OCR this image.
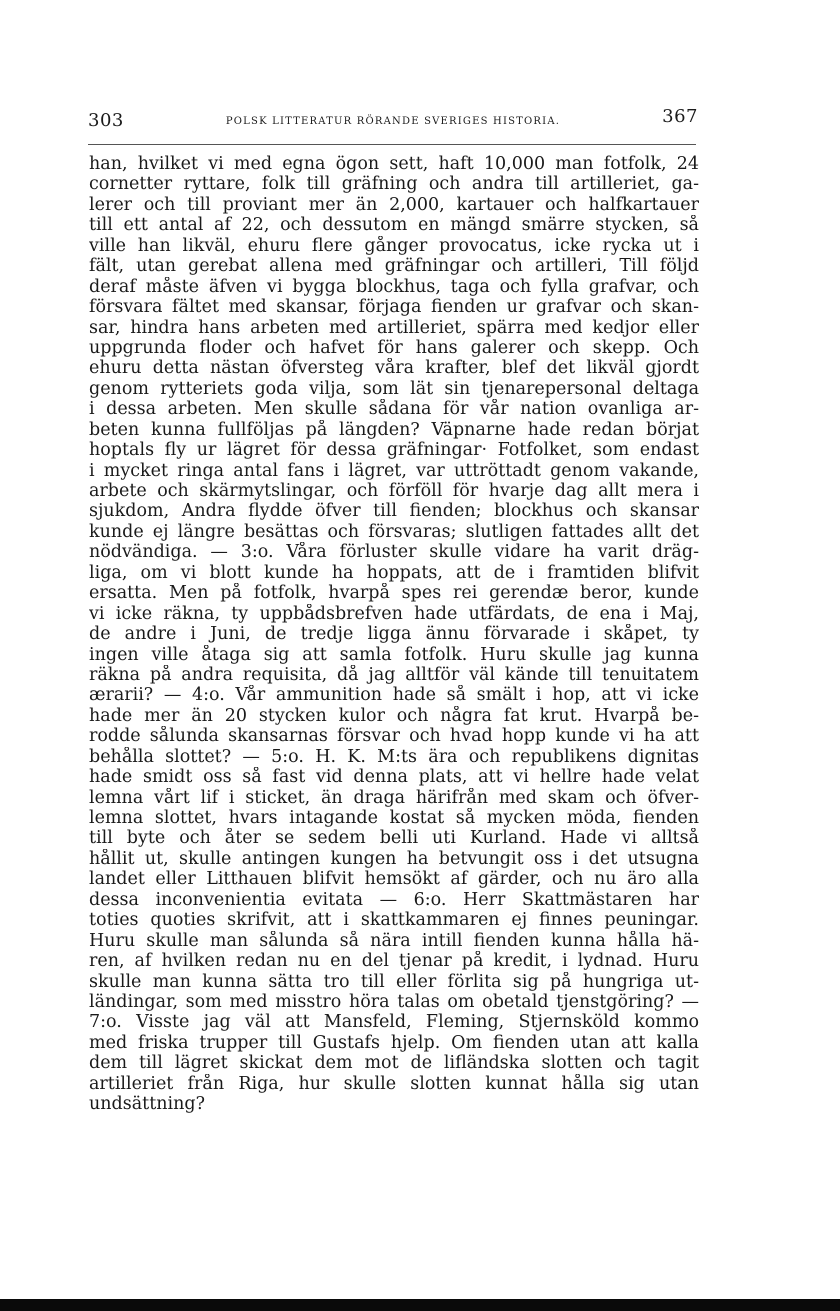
303	POLSK LITTERATUR RÖRANDE SVERIGES HISTORIA.	367
han, hvilket vi med egna ögon sett, haft 10,000 man fotfolk, 24
cornetter ryttare, folk till gräfning och andra till artilleriet, ga-
lerer och till proviant mer än 2,000, kartauer och halfkartauer
till ett antal af 22, och dessutom en mängd smärre stycken, så
ville han likväl, ehuru flere gånger provocatus, icke rycka ut i
fält, utan gerebat allena med gräfningar och artilleri, Till följd
deraf måste äfven vi bygga blockhus, taga och fylla grafvar, och
försvara fältet med skansar, förjaga fienden ur grafvar och skan-
sar, hindra hans arbeten med artilleriet, spärra med kedjor eller
uppgrunda floder och hafvet för hans galerer och skepp. Och
ehuru detta nästan öfversteg våra krafter, blef det likväl gjordt
genom rytteriets goda vilja, som lät sin tjenarepersonal deltaga
i dessa arbeten. Men skulle sådana för vår nation ovanliga ar-
beten kunna fullföljas på längden? Väpnarne hade redan börjat
hoptals fly ur lägret för dessa gräfningar· Fotfolket, som endast
i mycket ringa antal fans i lägret, var uttröttadt genom vakande,
arbete och skärmytslingar, och förföll för hvarje dag allt mera i
sjukdom, Andra flydde öfver till fienden; blockhus och skansar
kunde ej längre besättas och försvaras; slutligen fattades allt det
nödvändiga. — 3:o. Våra förluster skulle vidare ha varit dräg-
liga, om vi blott kunde ha hoppats, att de i framtiden blifvit
ersatta. Men på fotfolk, hvarpå spes rei gerendæ beror, kunde
vi icke räkna, ty uppbådsbrefven hade utfärdats, de ena i Maj,
de andre i Juni, de tredje ligga ännu förvarade i skåpet, ty
ingen ville åtaga sig att samla fotfolk. Huru skulle jag kunna
räkna på andra requisita, då jag alltför väl kände till tenuitatem
ærarii? — 4:o. Vår ammunition hade så smält i hop, att vi icke
hade mer än 20 stycken kulor och några fat krut. Hvarpå be-
rodde sålunda skansarnas försvar och hvad hopp kunde vi ha att
behålla slottet? — 5:o. H. K. M:ts ära och republikens dignitas
hade smidt oss så fast vid denna plats, att vi hellre hade velat
lemna vårt lif i sticket, än draga härifrån med skam och öfver-
lemna slottet, hvars intagande kostat så mycken möda, fienden
till byte och åter se sedem belli uti Kurland. Hade vi alltså
hållit ut, skulle antingen kungen ha betvungit oss i det utsugna
landet eller Litthauen blifvit hemsökt af gärder, och nu äro alla
dessa inconvenientia evitata — 6:o. Herr Skattmästaren har
toties quoties skrifvit, att i skattkammaren ej finnes peuningar.
Huru skulle man sålunda så nära intill fienden kunna hålla hä-
ren, af hvilken redan nu en del tjenar på kredit, i lydnad. Huru
skulle man kunna sätta tro till eller förlita sig på hungriga ut-
ländingar, som med misstro höra talas om obetald tjenstgöring? —
7:o. Visste jag väl att Mansfeld, Fleming, Stjernsköld kommo
med friska trupper till Gustafs hjelp. Om fienden utan att kalla
dem till lägret skickat dem mot de lifländska slotten och tagit
artilleriet från Riga, hur skulle slotten kunnat hålla sig utan
undsättning?
